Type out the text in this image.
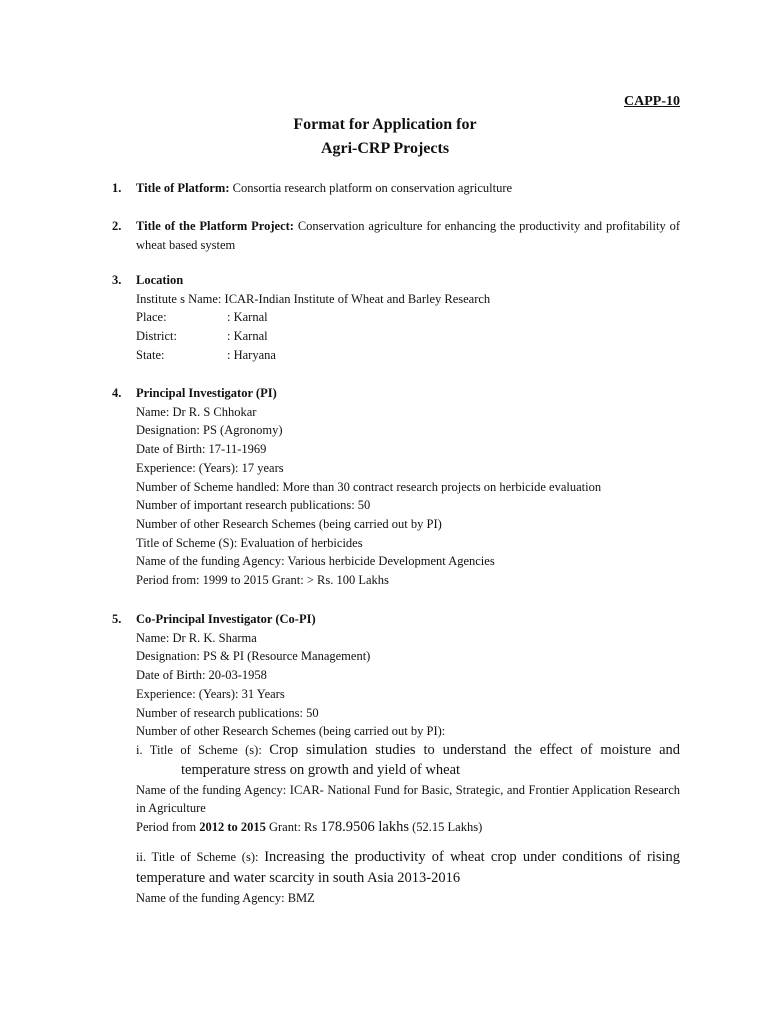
CAPP-10
Format for Application for
Agri-CRP Projects
1. Title of Platform: Consortia research platform on conservation agriculture
2. Title of the Platform Project: Conservation agriculture for enhancing the productivity and profitability of wheat based system
3. Location
Institute s Name: ICAR-Indian Institute of Wheat and Barley Research
Place:	: Karnal
District:	: Karnal
State:	: Haryana
4. Principal Investigator (PI)
Name: Dr R. S Chhokar
Designation: PS (Agronomy)
Date of Birth: 17-11-1969
Experience: (Years): 17 years
Number of Scheme handled: More than 30 contract research projects on herbicide evaluation
Number of important research publications: 50
Number of other Research Schemes (being carried out by PI)
Title of Scheme (S): Evaluation of herbicides
Name of the funding Agency: Various herbicide Development Agencies
Period from: 1999 to 2015 Grant: > Rs. 100 Lakhs
5. Co-Principal Investigator (Co-PI)
Name: Dr R. K. Sharma
Designation: PS & PI (Resource Management)
Date of Birth: 20-03-1958
Experience: (Years): 31 Years
Number of research publications: 50
Number of other Research Schemes (being carried out by PI):
i. Title of Scheme (s): Crop simulation studies to understand the effect of moisture and
temperature stress on growth and yield of wheat
Name of the funding Agency: ICAR- National Fund for Basic, Strategic, and Frontier Application Research in Agriculture
Period from 2012 to 2015 Grant: Rs 178.9506 lakhs (52.15 Lakhs)
ii. Title of Scheme (s): Increasing the productivity of wheat crop under conditions of rising temperature and water scarcity in south Asia 2013-2016
Name of the funding Agency: BMZ
